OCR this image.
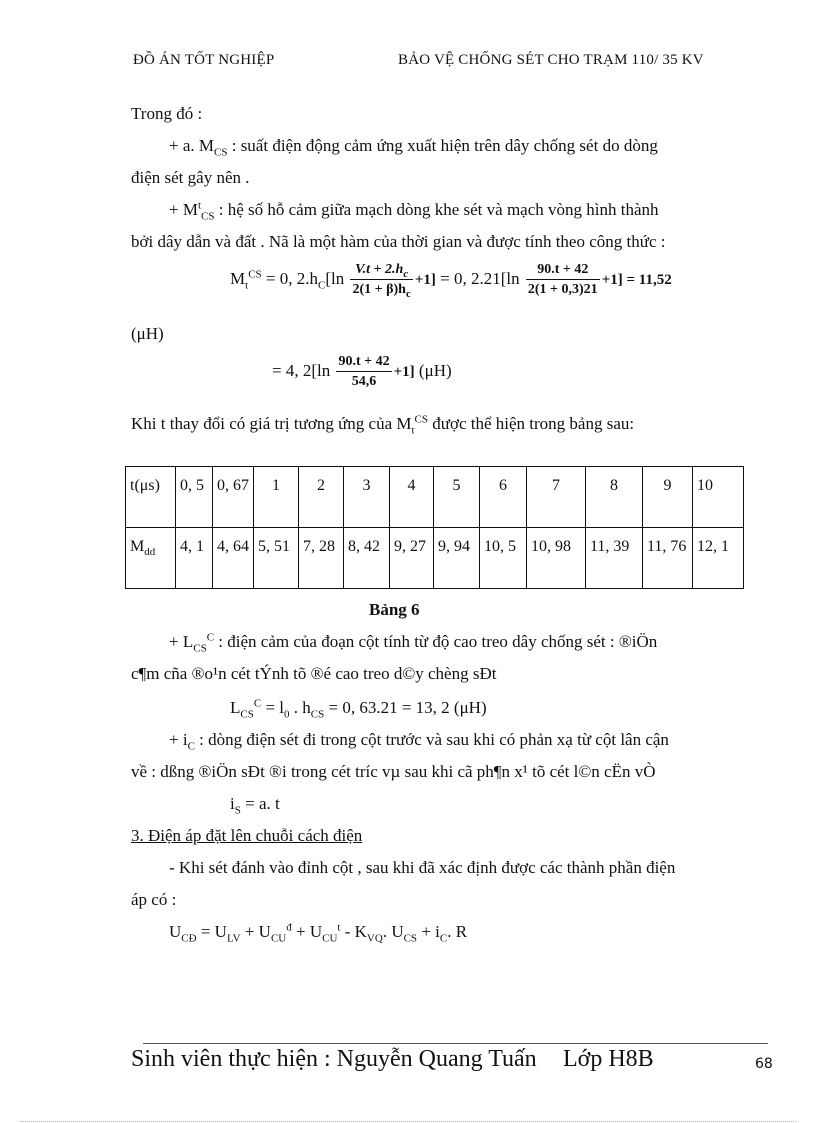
ĐỒ ÁN TỐT NGHIỆP	BẢO VỆ CHỐNG SÉT CHO TRẠM 110/ 35 KV
Trong đó :
+ a. $M_{CS}$ : suất điện động cảm ứng xuất hiện trên dây chống sét do dòng
điện sét gây nên .
+ $M^t_{CS}$ : hệ số hỗ cảm giữa mạch dòng khe sét và mạch vòng hình thành
bởi dây dẫn và đất . Nã là một hàm của thời gian và được tính theo công thức :
$M_t^{CS} = 0$, $2.h_C[\ln \frac{V.t + 2.h_c}{2(1 + \beta)h_c} +1] = 0$, $2.21[\ln \frac{90.t + 42}{2(1 + 0,3)21} +1] = 11,52$
(μH)
= 4, $2[\ln \frac{90.t + 42}{54,6} +1]$ (μH)
Khi t thay đổi có giá trị tương ứng của $M_t^{CS}$ được thể hiện trong bảng sau:
t(μs)	0, 5	0, 67	1	2	3	4	5	6	7	8	9	10
$M_{dd}$	4, 1	4, 64	5, 51	7, 28	8, 42	9, 27	9, 94	10, 5	10, 98	11, 39	11, 76	12, 1
Bảng 6
+ $L_{CS}^C$ : điện cảm của đoạn cột tính từ độ cao treo dây chống sét : ®iÖn
c¶m cña ®o¹n cét tÝnh tõ ®é cao treo d©y chèng sÐt
$L_{CS}^C = l_0$ . $h_{CS} = 0$, 63.21 = 13, 2 (μH)
+ $i_C$ : dòng điện sét đi trong cột trước và sau khi có phản xạ từ cột lân cận
về : dßng ®iÖn sÐt ®i trong cét tríc vµ sau khi cã ph¶n x¹ tõ cét l©n cËn vÒ
$i_S = a$. t
3. Điện áp đặt lên chuỗi cách điện
- Khi sét đánh vào đỉnh cột , sau khi đã xác định được các thành phần điện
áp có :
$U_{CĐ} = U_{LV} + U_{CU}^đ + U_{CU}^t - K_{VQ}$. $U_{CS} + i_C$. R
Sinh viên thực hiện : Nguyễn Quang Tuấn Lớp H8B	68
